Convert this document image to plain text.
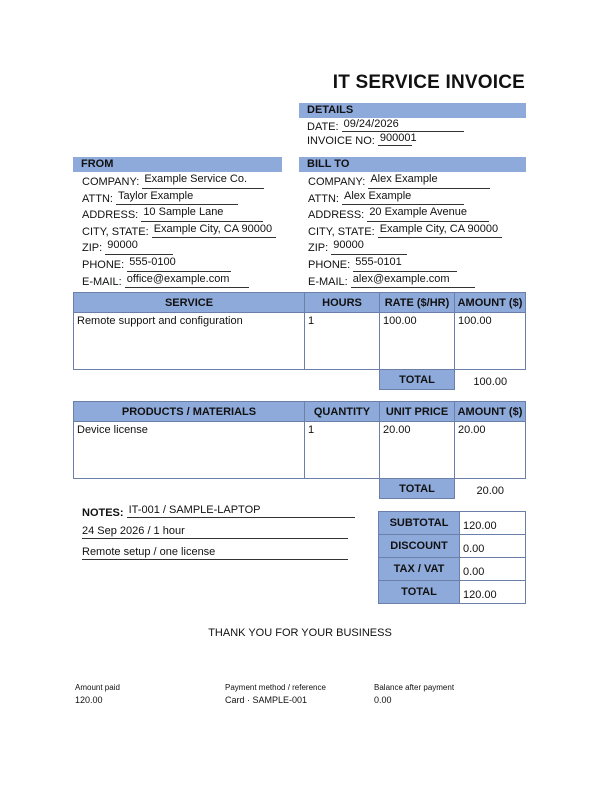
IT SERVICE INVOICE
DETAILS
DATE: 09/24/2026
INVOICE NO: 900001
FROM
COMPANY: Example Service Co.
ATTN: Taylor Example
ADDRESS: 10 Sample Lane
CITY, STATE: Example City, CA 90000
ZIP: 90000
PHONE: 555-0100
E-MAIL: office@example.com
BILL TO
COMPANY: Alex Example
ATTN: Alex Example
ADDRESS: 20 Example Avenue
CITY, STATE: Example City, CA 90000
ZIP: 90000
PHONE: 555-0101
E-MAIL: alex@example.com
SERVICE	HOURS	RATE ($/HR)	AMOUNT ($)
Remote support and configuration	1	100.00	100.00
		TOTAL	100.00
PRODUCTS / MATERIALS	QUANTITY	UNIT PRICE	AMOUNT ($)
Device license	1	20.00	20.00
		TOTAL	20.00
NOTES: IT-001 / SAMPLE-LAPTOP
24 Sep 2026 / 1 hour
Remote setup / one license
SUBTOTAL	120.00
DISCOUNT	0.00
TAX / VAT	0.00
TOTAL	120.00
THANK YOU FOR YOUR BUSINESS
Amount paid
120.00
Payment method / reference
Card · SAMPLE-001
Balance after payment
0.00
